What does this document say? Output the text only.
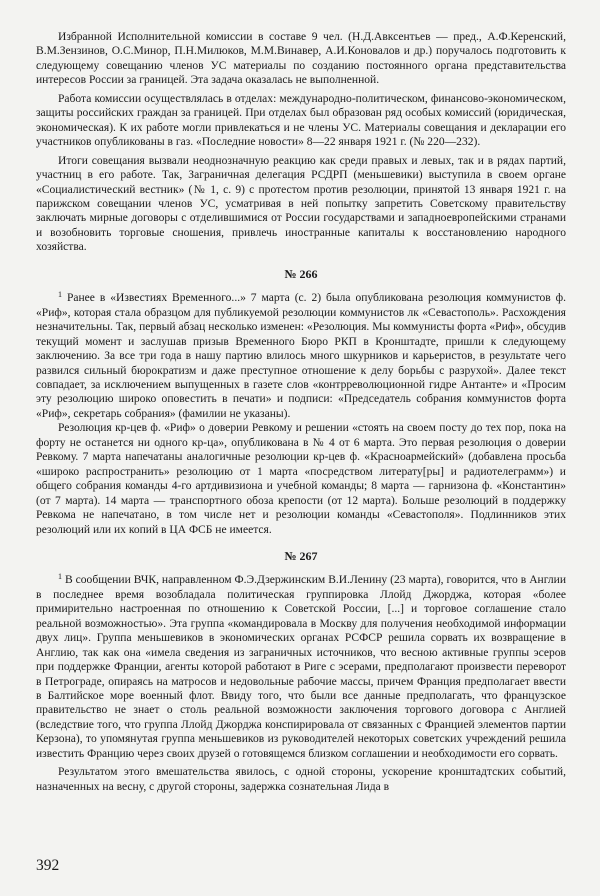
Избранной Исполнительной комиссии в составе 9 чел. (Н.Д.Авксентьев — пред., А.Ф.Керенский, В.М.Зензинов, О.С.Минор, П.Н.Милюков, М.М.Винавер, А.И.Коновалов и др.) поручалось подготовить к следующему совещанию членов УС материалы по созданию постоянного органа представительства интересов России за границей. Эта задача оказалась не выполненной.

Работа комиссии осуществлялась в отделах: международно-политическом, финансово-экономическом, защиты российских граждан за границей. При отделах был образован ряд особых комиссий (юридическая, экономическая). К их работе могли привлекаться и не члены УС. Материалы совещания и декларации его участников опубликованы в газ. «Последние новости» 8—22 января 1921 г. (№ 220—232).

Итоги совещания вызвали неоднозначную реакцию как среди правых и левых, так и в рядах партий, участниц в его работе. Так, Заграничная делегация РСДРП (меньшевики) выступила в своем органе «Социалистический вестник» (№ 1, с. 9) с протестом против резолюции, принятой 13 января 1921 г. на парижском совещании членов УС, усматривая в ней попытку запретить Советскому правительству заключать мирные договоры с отделившимися от России государствами и западноевропейскими странами и возобновить торговые сношения, привлечь иностранные капиталы к восстановлению народного хозяйства.

№ 266

$^1$ Ранее в «Известиях Временного...» 7 марта (с. 2) была опубликована резолюция коммунистов ф. «Риф», которая стала образцом для публикуемой резолюции коммунистов лк «Севастополь». Расхождения незначительны. Так, первый абзац несколько изменен: «Резолюция. Мы коммунисты форта «Риф», обсудив текущий момент и заслушав призыв Временного Бюро РКП в Кронштадте, пришли к следующему заключению. За все три года в нашу партию влилось много шкурников и карьеристов, в результате чего развился сильный бюрократизм и даже преступное отношение к делу борьбы с разрухой». Далее текст совпадает, за исключением выпущенных в газете слов «контрреволюционной гидре Антанте» и «Просим эту резолюцию широко оповестить в печати» и подписи: «Председатель собрания коммунистов форта «Риф», секретарь собрания» (фамилии не указаны).

Резолюция кр-цев ф. «Риф» о доверии Ревкому и решении «стоять на своем посту до тех пор, пока на форту не останется ни одного кр-ца», опубликована в № 4 от 6 марта. Это первая резолюция о доверии Ревкому. 7 марта напечатаны аналогичные резолюции кр-цев ф. «Красноармейский» (добавлена просьба «широко распространить» резолюцию от 1 марта «посредством литерату[ры] и радиотелеграмм») и общего собрания команды 4-го артдивизиона и учебной команды; 8 марта — гарнизона ф. «Константин» (от 7 марта). 14 марта — транспортного обоза крепости (от 12 марта). Больше резолюций в поддержку Ревкома не напечатано, в том числе нет и резолюции команды «Севастополя». Подлинников этих резолюций или их копий в ЦА ФСБ не имеется.

№ 267

$^1$ В сообщении ВЧК, направленном Ф.Э.Дзержинским В.И.Ленину (23 марта), говорится, что в Англии в последнее время возобладала политическая группировка Ллойд Джорджа, которая «более примирительно настроенная по отношению к Советской России, [...] и торговое соглашение стало реальной возможностью». Эта группа «командировала в Москву для получения необходимой информации двух лиц». Группа меньшевиков в экономических органах РСФСР решила сорвать их возвращение в Англию, так как она «имела сведения из заграничных источников, что весною активные группы эсеров при поддержке Франции, агенты которой работают в Риге с эсерами, предполагают произвести переворот в Петрограде, опираясь на матросов и недовольные рабочие массы, причем Франция предполагает ввести в Балтийское море военный флот. Ввиду того, что были все данные предполагать, что французское правительство не знает о столь реальной возможности заключения торгового договора с Англией (вследствие того, что группа Ллойд Джорджа конспирировала от связанных с Францией элементов партии Керзона), то упомянутая группа меньшевиков из руководителей некоторых советских учреждений решила известить Францию через своих друзей о готовящемся близком соглашении и необходимости его сорвать.

Результатом этого вмешательства явилось, с одной стороны, ускорение кронштадтских событий, назначенных на весну, с другой стороны, задержка сознательная Лида в

392
